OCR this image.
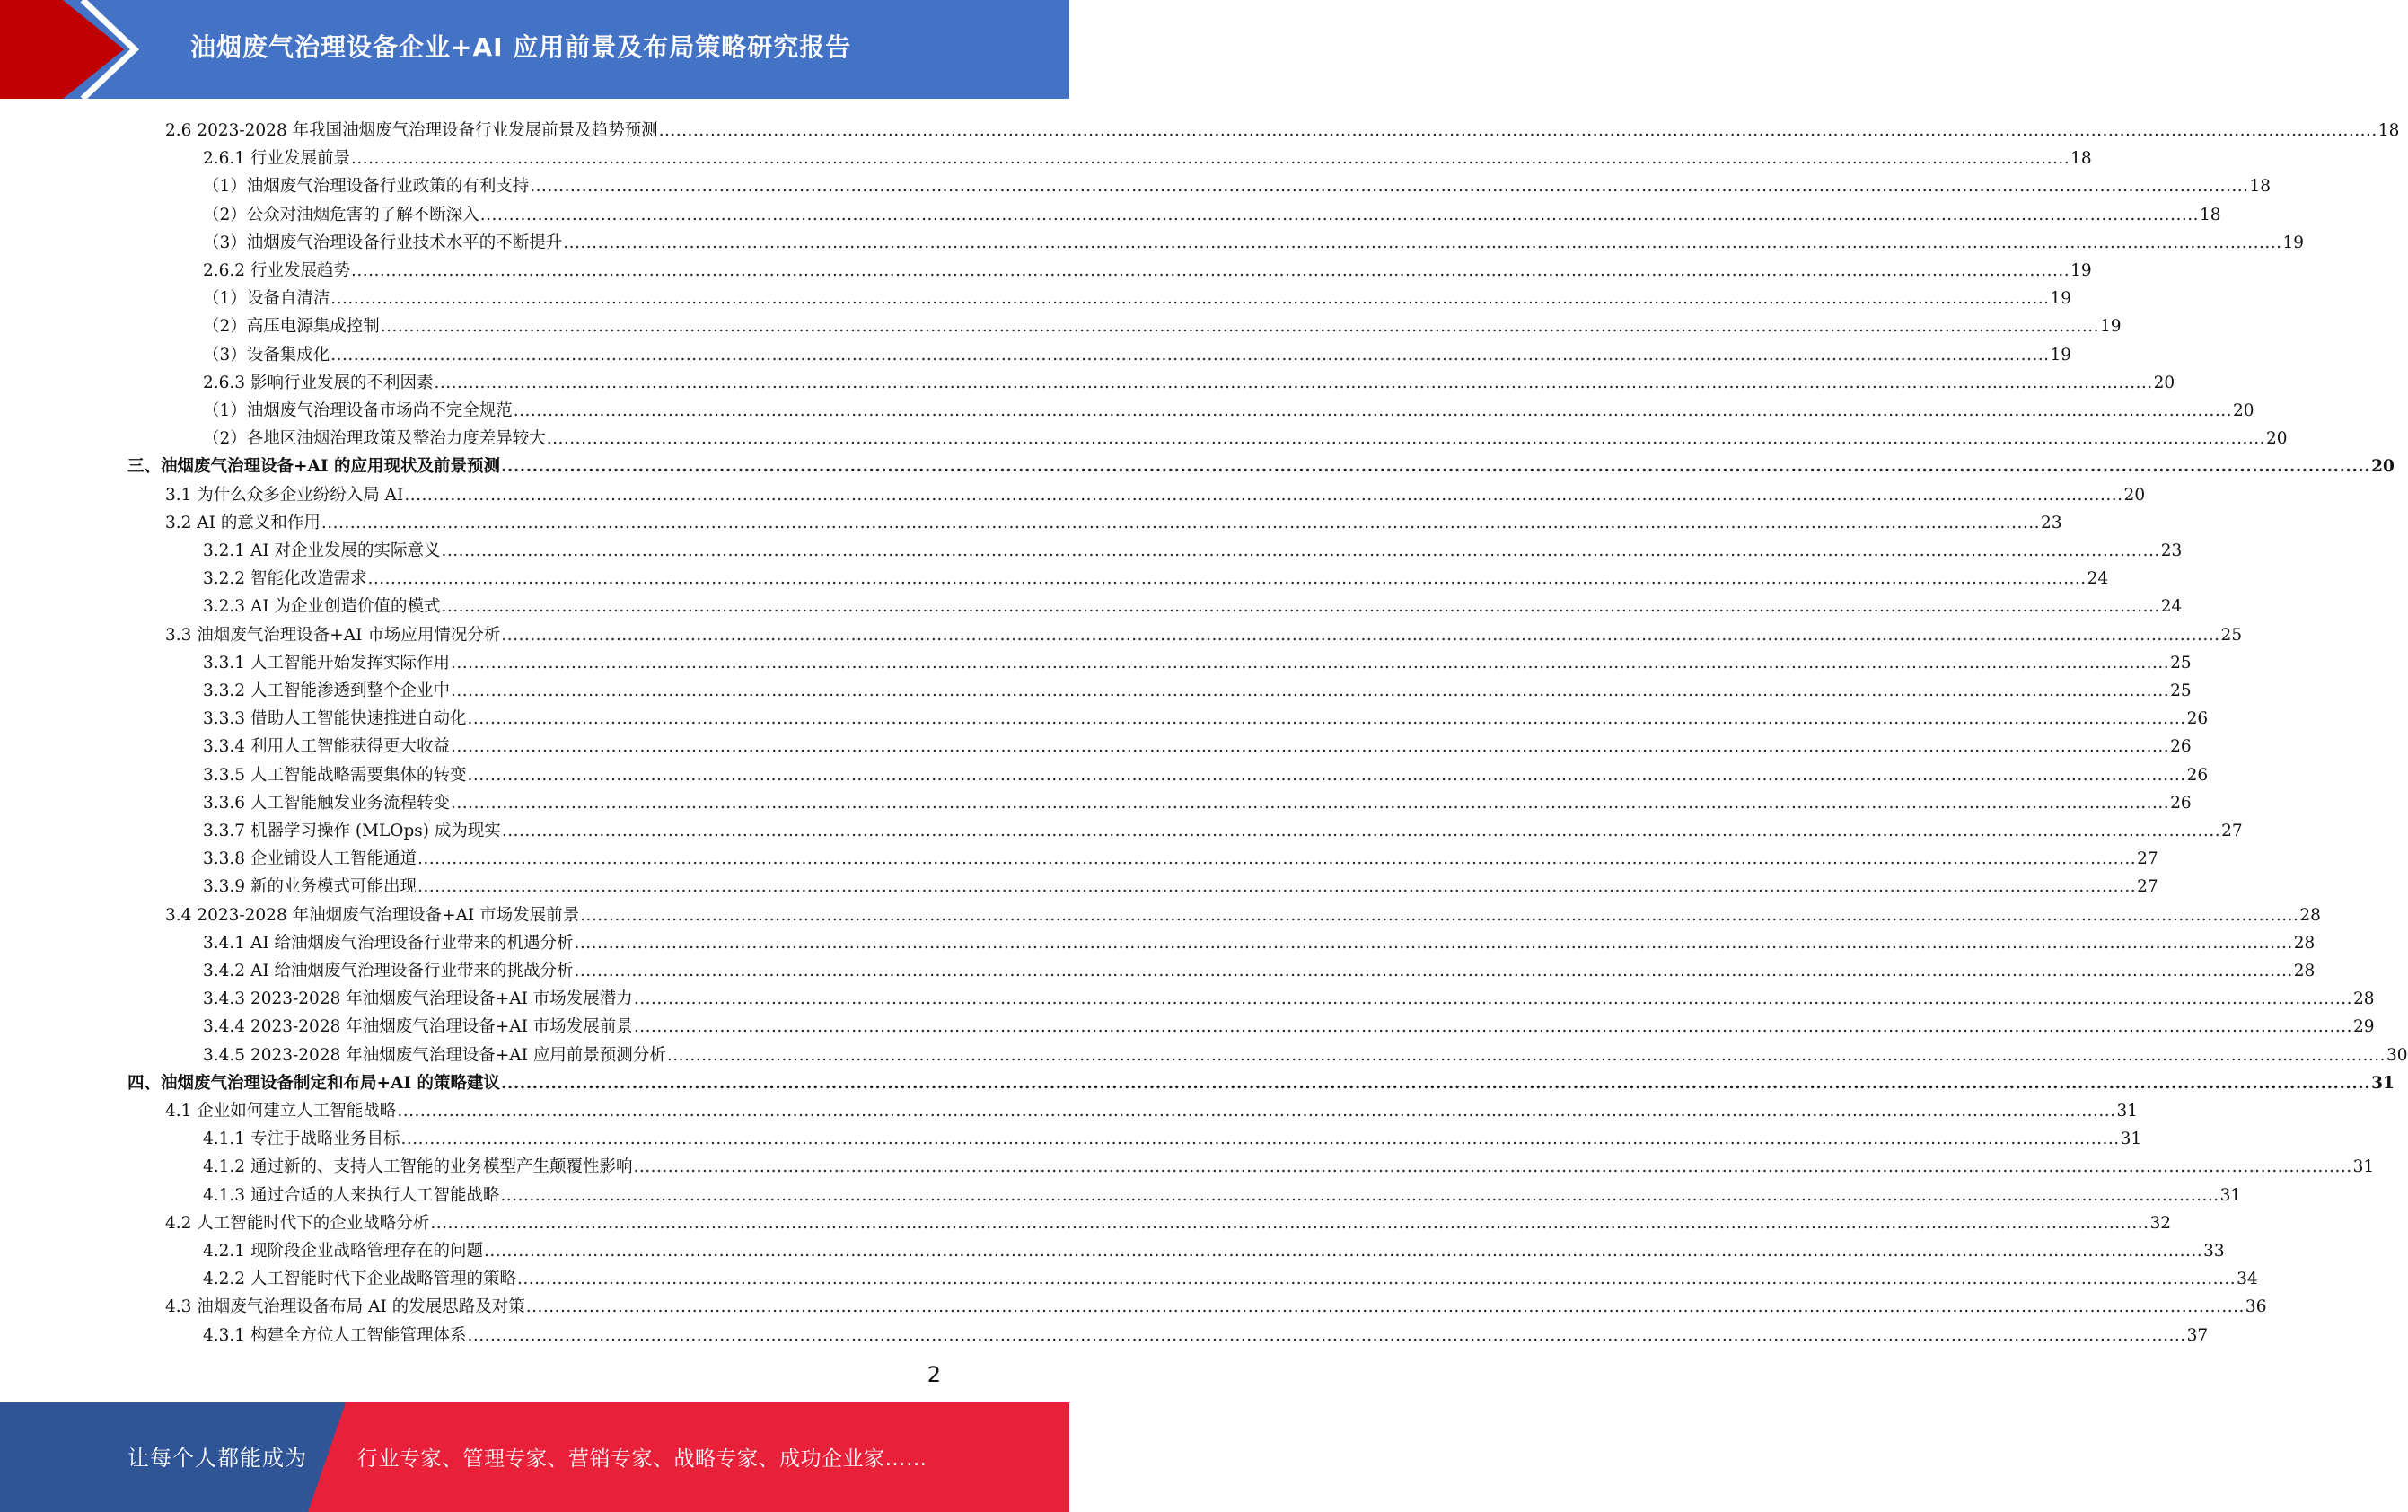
油烟废气治理设备企业+AI 应用前景及布局策略研究报告
2.6 2023-2028 年我国油烟废气治理设备行业发展前景及趋势预测 ............................................................................................................................................................................................................................................................................................................ 18
2.6.1 行业发展前景 ............................................................................................................................................................................................................................................................................................................ 18
（1）油烟废气治理设备行业政策的有利支持 ............................................................................................................................................................................................................................................................................................................ 18
（2）公众对油烟危害的了解不断深入 ............................................................................................................................................................................................................................................................................................................ 18
（3）油烟废气治理设备行业技术水平的不断提升 ............................................................................................................................................................................................................................................................................................................ 19
2.6.2 行业发展趋势 ............................................................................................................................................................................................................................................................................................................ 19
（1）设备自清洁 ............................................................................................................................................................................................................................................................................................................ 19
（2）高压电源集成控制 ............................................................................................................................................................................................................................................................................................................ 19
（3）设备集成化 ............................................................................................................................................................................................................................................................................................................ 19
2.6.3 影响行业发展的不利因素 ............................................................................................................................................................................................................................................................................................................ 20
（1）油烟废气治理设备市场尚不完全规范 ............................................................................................................................................................................................................................................................................................................ 20
（2）各地区油烟治理政策及整治力度差异较大 ............................................................................................................................................................................................................................................................................................................ 20
三、油烟废气治理设备+AI 的应用现状及前景预测 ............................................................................................................................................................................................................................................................................................................ 20
3.1 为什么众多企业纷纷入局 AI ............................................................................................................................................................................................................................................................................................................ 20
3.2 AI 的意义和作用 ............................................................................................................................................................................................................................................................................................................ 23
3.2.1 AI 对企业发展的实际意义 ............................................................................................................................................................................................................................................................................................................ 23
3.2.2 智能化改造需求 ............................................................................................................................................................................................................................................................................................................ 24
3.2.3 AI 为企业创造价值的模式 ............................................................................................................................................................................................................................................................................................................ 24
3.3 油烟废气治理设备+AI 市场应用情况分析 ............................................................................................................................................................................................................................................................................................................ 25
3.3.1 人工智能开始发挥实际作用 ............................................................................................................................................................................................................................................................................................................ 25
3.3.2 人工智能渗透到整个企业中 ............................................................................................................................................................................................................................................................................................................ 25
3.3.3 借助人工智能快速推进自动化 ............................................................................................................................................................................................................................................................................................................ 26
3.3.4 利用人工智能获得更大收益 ............................................................................................................................................................................................................................................................................................................ 26
3.3.5 人工智能战略需要集体的转变 ............................................................................................................................................................................................................................................................................................................ 26
3.3.6 人工智能触发业务流程转变 ............................................................................................................................................................................................................................................................................................................ 26
3.3.7 机器学习操作 (MLOps) 成为现实 ............................................................................................................................................................................................................................................................................................................ 27
3.3.8 企业铺设人工智能通道 ............................................................................................................................................................................................................................................................................................................ 27
3.3.9 新的业务模式可能出现 ............................................................................................................................................................................................................................................................................................................ 27
3.4 2023-2028 年油烟废气治理设备+AI 市场发展前景 ............................................................................................................................................................................................................................................................................................................ 28
3.4.1 AI 给油烟废气治理设备行业带来的机遇分析 ............................................................................................................................................................................................................................................................................................................ 28
3.4.2 AI 给油烟废气治理设备行业带来的挑战分析 ............................................................................................................................................................................................................................................................................................................ 28
3.4.3 2023-2028 年油烟废气治理设备+AI 市场发展潜力 ............................................................................................................................................................................................................................................................................................................ 28
3.4.4 2023-2028 年油烟废气治理设备+AI 市场发展前景 ............................................................................................................................................................................................................................................................................................................ 29
3.4.5 2023-2028 年油烟废气治理设备+AI 应用前景预测分析 ............................................................................................................................................................................................................................................................................................................ 30
四、油烟废气治理设备制定和布局+AI 的策略建议 ............................................................................................................................................................................................................................................................................................................ 31
4.1 企业如何建立人工智能战略 ............................................................................................................................................................................................................................................................................................................ 31
4.1.1 专注于战略业务目标 ............................................................................................................................................................................................................................................................................................................ 31
4.1.2 通过新的、支持人工智能的业务模型产生颠覆性影响 ............................................................................................................................................................................................................................................................................................................ 31
4.1.3 通过合适的人来执行人工智能战略 ............................................................................................................................................................................................................................................................................................................ 31
4.2 人工智能时代下的企业战略分析 ............................................................................................................................................................................................................................................................................................................ 32
4.2.1 现阶段企业战略管理存在的问题 ............................................................................................................................................................................................................................................................................................................ 33
4.2.2 人工智能时代下企业战略管理的策略 ............................................................................................................................................................................................................................................................................................................ 34
4.3 油烟废气治理设备布局 AI 的发展思路及对策 ............................................................................................................................................................................................................................................................................................................ 36
4.3.1 构建全方位人工智能管理体系 ............................................................................................................................................................................................................................................................................................................ 37
2
让每个人都能成为 行业专家、管理专家、营销专家、战略专家、成功企业家……
